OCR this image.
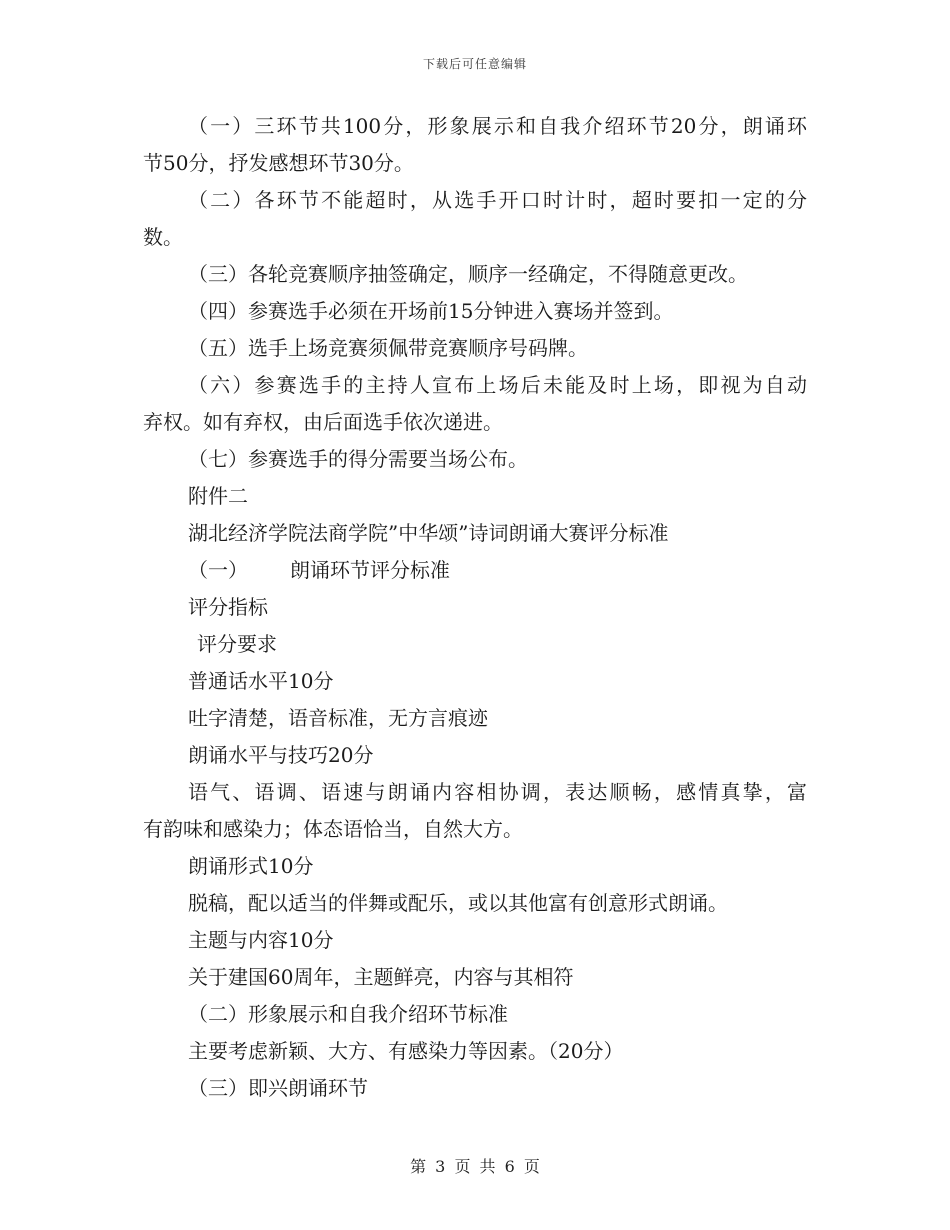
下载后可任意编辑
（一）三环节共100分，形象展示和自我介绍环节20分，朗诵环
节50分，抒发感想环节30分。
（二）各环节不能超时，从选手开口时计时，超时要扣一定的分
数。
（三）各轮竞赛顺序抽签确定，顺序一经确定，不得随意更改。
（四）参赛选手必须在开场前15分钟进入赛场并签到。
（五）选手上场竞赛须佩带竞赛顺序号码牌。
（六）参赛选手的主持人宣布上场后未能及时上场，即视为自动
弃权。如有弃权，由后面选手依次递进。
（七）参赛选手的得分需要当场公布。
附件二
湖北经济学院法商学院”中华颂”诗词朗诵大赛评分标准
（一） 朗诵环节评分标准
评分指标
评分要求
普通话水平10分
吐字清楚，语音标准，无方言痕迹
朗诵水平与技巧20分
语气、语调、语速与朗诵内容相协调，表达顺畅，感情真挚，富
有韵味和感染力；体态语恰当，自然大方。
朗诵形式10分
脱稿，配以适当的伴舞或配乐，或以其他富有创意形式朗诵。
主题与内容10分
关于建国60周年，主题鲜亮，内容与其相符
（二）形象展示和自我介绍环节标准
主要考虑新颖、大方、有感染力等因素。（20分）
（三）即兴朗诵环节
第 3 页 共 6 页
